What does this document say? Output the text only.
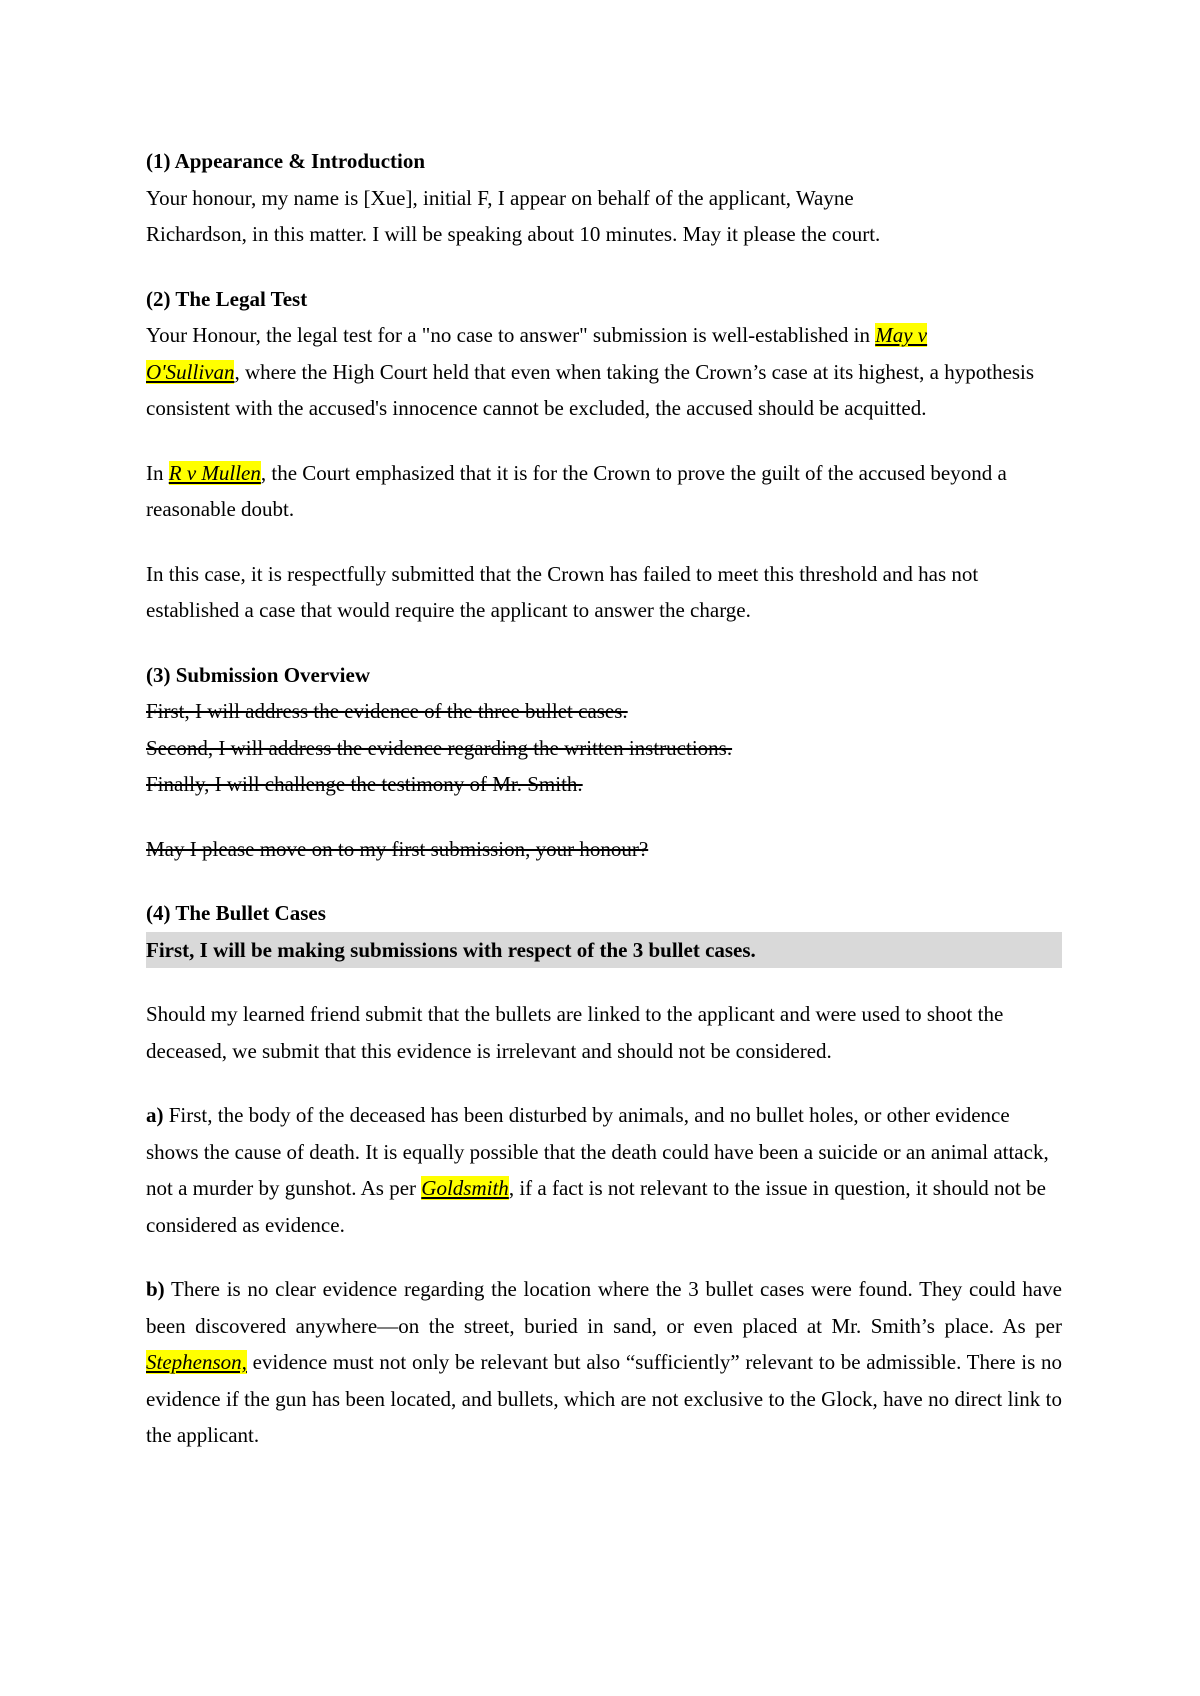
(1) Appearance & Introduction
Your honour, my name is [Xue], initial F, I appear on behalf of the applicant, Wayne
Richardson, in this matter. I will be speaking about 10 minutes. May it please the court.
(2) The Legal Test
Your Honour, the legal test for a "no case to answer" submission is well-established in May v
O'Sullivan, where the High Court held that even when taking the Crown’s case at its highest, a hypothesis consistent with the accused's innocence cannot be excluded, the accused should be acquitted.
In R v Mullen, the Court emphasized that it is for the Crown to prove the guilt of the accused beyond a reasonable doubt.
In this case, it is respectfully submitted that the Crown has failed to meet this threshold and has not established a case that would require the applicant to answer the charge.
(3) Submission Overview
First, I will address the evidence of the three bullet cases.
Second, I will address the evidence regarding the written instructions.
Finally, I will challenge the testimony of Mr. Smith.
May I please move on to my first submission, your honour?
(4) The Bullet Cases
First, I will be making submissions with respect of the 3 bullet cases.
Should my learned friend submit that the bullets are linked to the applicant and were used to shoot the deceased, we submit that this evidence is irrelevant and should not be considered.
a) First, the body of the deceased has been disturbed by animals, and no bullet holes, or other evidence shows the cause of death. It is equally possible that the death could have been a suicide or an animal attack, not a murder by gunshot. As per Goldsmith, if a fact is not relevant to the issue in question, it should not be considered as evidence.
b) There is no clear evidence regarding the location where the 3 bullet cases were found. They could have been discovered anywhere—on the street, buried in sand, or even placed at Mr. Smith’s place. As per Stephenson, evidence must not only be relevant but also “sufficiently” relevant to be admissible. There is no evidence if the gun has been located, and bullets, which are not exclusive to the Glock, have no direct link to the applicant.
